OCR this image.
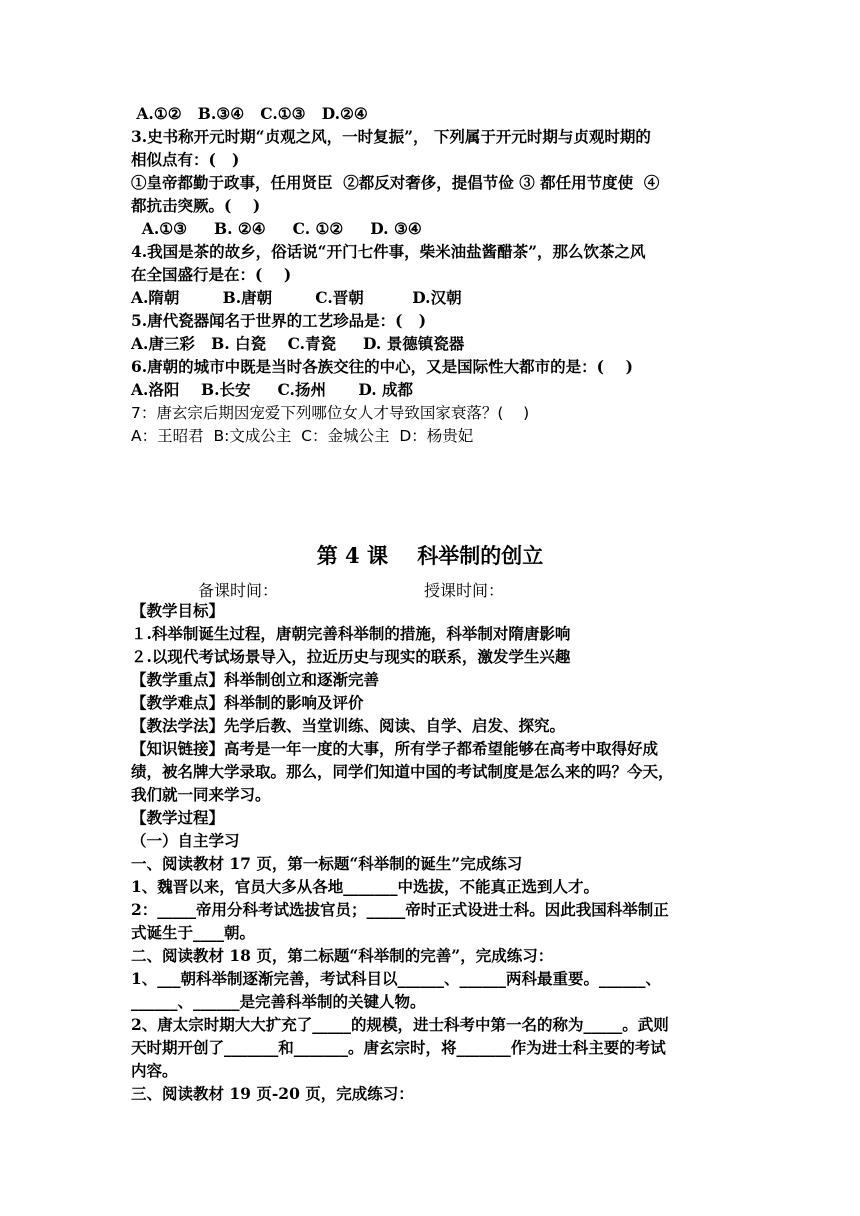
A.①②   B.③④   C.①③   D.②④
3.史书称开元时期“贞观之风，一时复振”， 下列属于开元时期与贞观时期的
相似点有：(   )
①皇帝都勤于政事，任用贤臣  ②都反对奢侈，提倡节俭 ③ 都任用节度使  ④
都抗击突厥。(    )
A.①③     B. ②④     C. ①②     D. ③④
4.我国是茶的故乡，俗话说“开门七件事，柴米油盐酱醋茶”，那么饮茶之风
在全国盛行是在：(    )
A.隋朝        B.唐朝        C.晋朝         D.汉朝
5.唐代瓷器闻名于世界的工艺珍品是：(   )
A.唐三彩   B. 白瓷    C.青瓷     D. 景德镇瓷器
6.唐朝的城市中既是当时各族交往的中心，又是国际性大都市的是：(    )
A.洛阳    B.长安     C.扬州      D. 成都
7：唐玄宗后期因宠爱下列哪位女人才导致国家衰落？(    )
A：王昭君  B:文成公主  C：金城公主  D：杨贵妃
第 4 课    科举制的创立
备课时间：	授课时间：
【教学目标】
１.科举制诞生过程，唐朝完善科举制的措施，科举制对隋唐影响
２.以现代考试场景导入，拉近历史与现实的联系，激发学生兴趣
【教学重点】科举制创立和逐渐完善
【教学难点】科举制的影响及评价
【教法学法】先学后教、当堂训练、阅读、自学、启发、探究。
【知识链接】高考是一年一度的大事，所有学子都希望能够在高考中取得好成
绩，被名牌大学录取。那么，同学们知道中国的考试制度是怎么来的吗？今天，
我们就一同来学习。
【教学过程】
（一）自主学习
一、阅读教材 17 页，第一标题“科举制的诞生”完成练习
1、魏晋以来，官员大多从各地_______中选拔，不能真正选到人才。
2：_____帝用分科考试选拔官员；_____帝时正式设进士科。因此我国科举制正
式诞生于____朝。
二、阅读教材 18 页，第二标题“科举制的完善”，完成练习：
1、___朝科举制逐渐完善，考试科目以______、______两科最重要。______、
______、______是完善科举制的关键人物。
2、唐太宗时期大大扩充了_____的规模，进士科考中第一名的称为_____。武则
天时期开创了_______和_______。唐玄宗时，将_______作为进士科主要的考试
内容。
三、阅读教材 19 页-20 页，完成练习：
